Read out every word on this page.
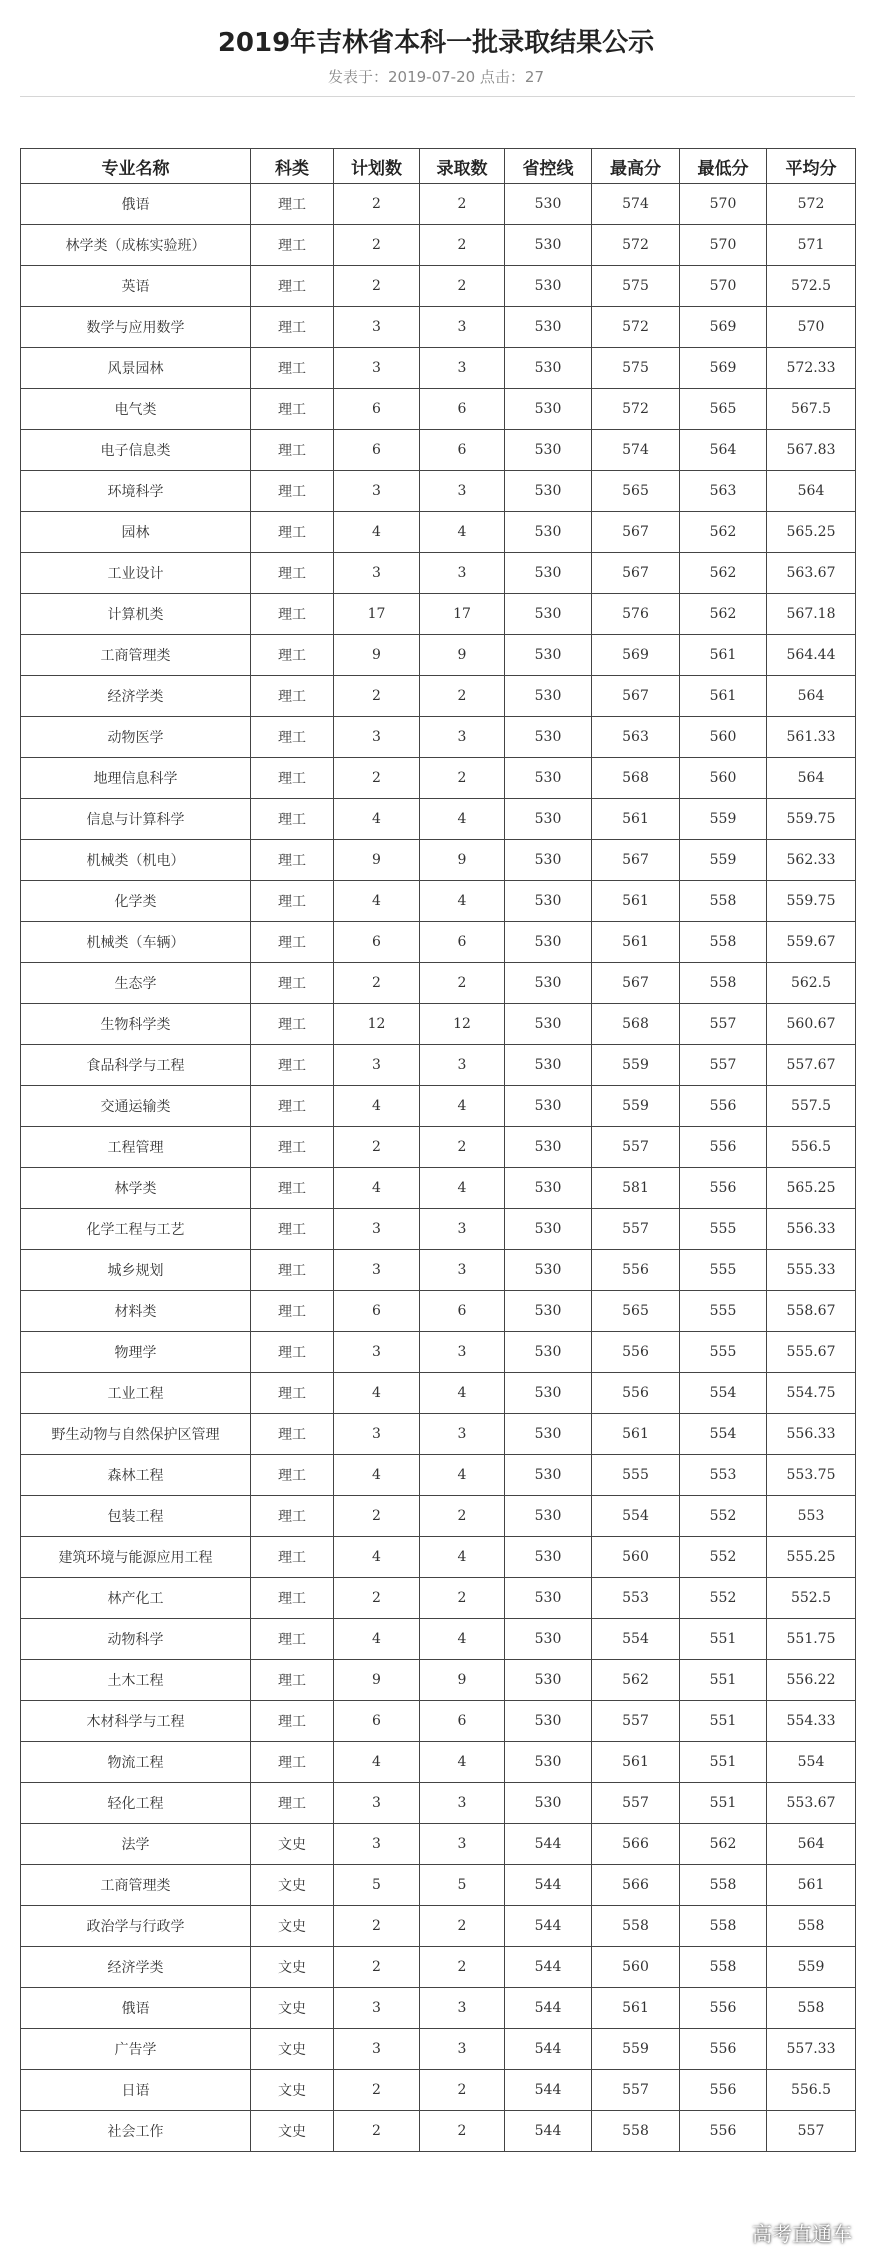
2019年吉林省本科一批录取结果公示
发表于：2019-07-20 点击：27
专业名称	科类	计划数	录取数	省控线	最高分	最低分	平均分
俄语	理工	2	2	530	574	570	572
林学类（成栋实验班）	理工	2	2	530	572	570	571
英语	理工	2	2	530	575	570	572.5
数学与应用数学	理工	3	3	530	572	569	570
风景园林	理工	3	3	530	575	569	572.33
电气类	理工	6	6	530	572	565	567.5
电子信息类	理工	6	6	530	574	564	567.83
环境科学	理工	3	3	530	565	563	564
园林	理工	4	4	530	567	562	565.25
工业设计	理工	3	3	530	567	562	563.67
计算机类	理工	17	17	530	576	562	567.18
工商管理类	理工	9	9	530	569	561	564.44
经济学类	理工	2	2	530	567	561	564
动物医学	理工	3	3	530	563	560	561.33
地理信息科学	理工	2	2	530	568	560	564
信息与计算科学	理工	4	4	530	561	559	559.75
机械类（机电）	理工	9	9	530	567	559	562.33
化学类	理工	4	4	530	561	558	559.75
机械类（车辆）	理工	6	6	530	561	558	559.67
生态学	理工	2	2	530	567	558	562.5
生物科学类	理工	12	12	530	568	557	560.67
食品科学与工程	理工	3	3	530	559	557	557.67
交通运输类	理工	4	4	530	559	556	557.5
工程管理	理工	2	2	530	557	556	556.5
林学类	理工	4	4	530	581	556	565.25
化学工程与工艺	理工	3	3	530	557	555	556.33
城乡规划	理工	3	3	530	556	555	555.33
材料类	理工	6	6	530	565	555	558.67
物理学	理工	3	3	530	556	555	555.67
工业工程	理工	4	4	530	556	554	554.75
野生动物与自然保护区管理	理工	3	3	530	561	554	556.33
森林工程	理工	4	4	530	555	553	553.75
包装工程	理工	2	2	530	554	552	553
建筑环境与能源应用工程	理工	4	4	530	560	552	555.25
林产化工	理工	2	2	530	553	552	552.5
动物科学	理工	4	4	530	554	551	551.75
土木工程	理工	9	9	530	562	551	556.22
木材科学与工程	理工	6	6	530	557	551	554.33
物流工程	理工	4	4	530	561	551	554
轻化工程	理工	3	3	530	557	551	553.67
法学	文史	3	3	544	566	562	564
工商管理类	文史	5	5	544	566	558	561
政治学与行政学	文史	2	2	544	558	558	558
经济学类	文史	2	2	544	560	558	559
俄语	文史	3	3	544	561	556	558
广告学	文史	3	3	544	559	556	557.33
日语	文史	2	2	544	557	556	556.5
社会工作	文史	2	2	544	558	556	557
高考直通车
